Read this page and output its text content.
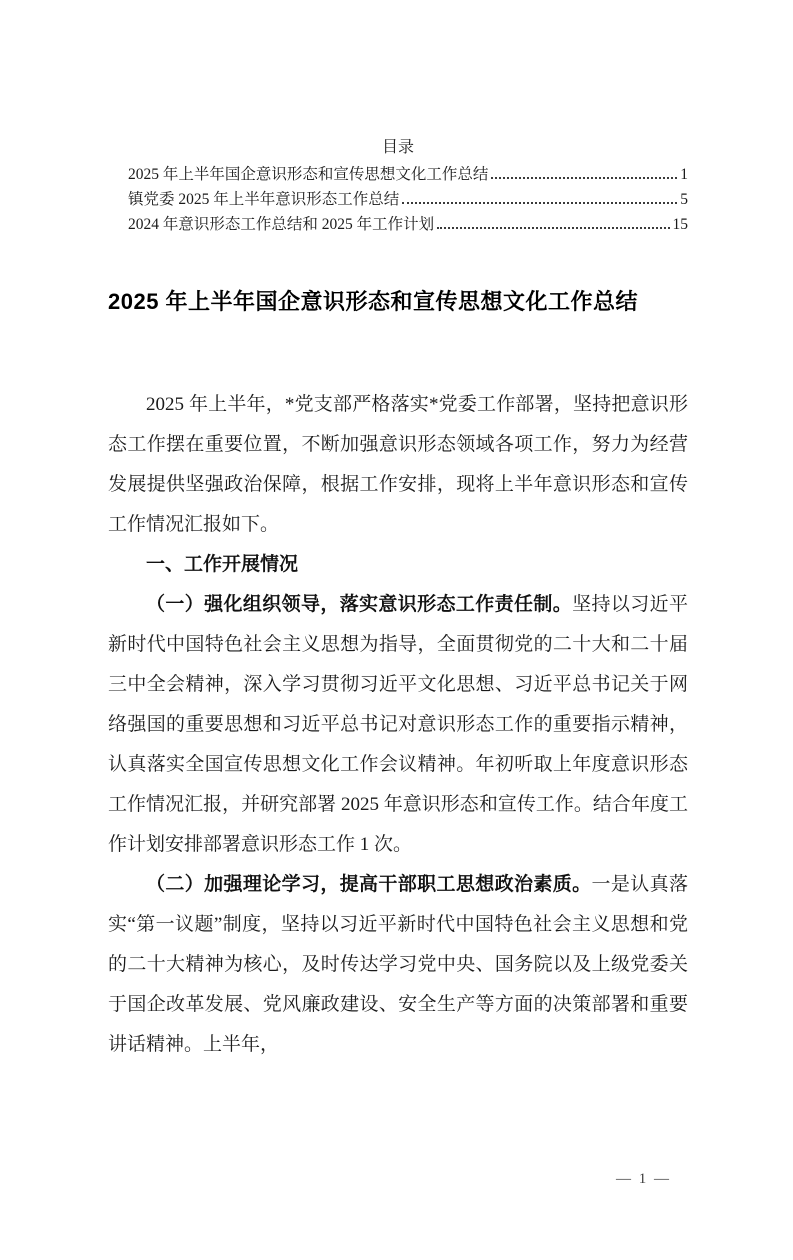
目录
2025 年上半年国企意识形态和宣传思想文化工作总结	1
镇党委 2025 年上半年意识形态工作总结	5
2024 年意识形态工作总结和 2025 年工作计划	15
2025 年上半年国企意识形态和宣传思想文化工作总结

2025 年上半年，*党支部严格落实*党委工作部署，坚持把意识形态工作摆在重要位置，不断加强意识形态领域各项工作，努力为经营发展提供坚强政治保障，根据工作安排，现将上半年意识形态和宣传工作情况汇报如下。

一、工作开展情况

（一）强化组织领导，落实意识形态工作责任制。坚持以习近平新时代中国特色社会主义思想为指导，全面贯彻党的二十大和二十届三中全会精神，深入学习贯彻习近平文化思想、习近平总书记关于网络强国的重要思想和习近平总书记对意识形态工作的重要指示精神，认真落实全国宣传思想文化工作会议精神。年初听取上年度意识形态工作情况汇报，并研究部署 2025 年意识形态和宣传工作。结合年度工作计划安排部署意识形态工作 1 次。

（二）加强理论学习，提高干部职工思想政治素质。一是认真落实“第一议题”制度，坚持以习近平新时代中国特色社会主义思想和党的二十大精神为核心，及时传达学习党中央、国务院以及上级党委关于国企改革发展、党风廉政建设、安全生产等方面的决策部署和重要讲话精神。上半年，

— 1 —
